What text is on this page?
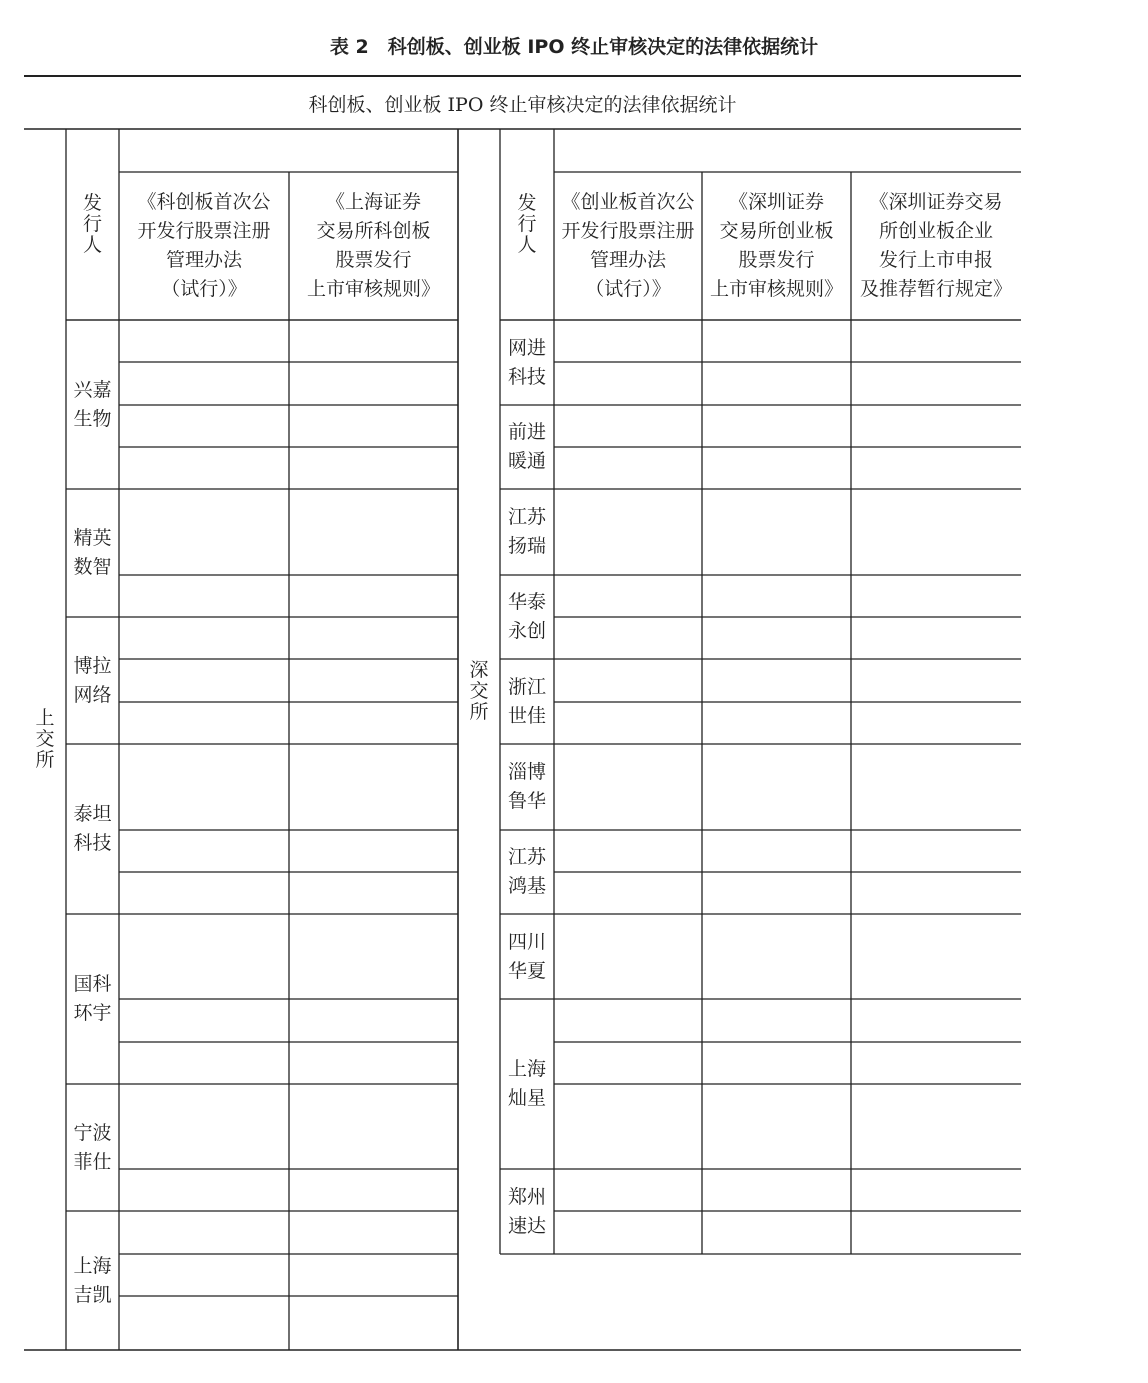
表 2　科创板、创业板 IPO 终止审核决定的法律依据统计
科创板、创业板 IPO 终止审核决定的法律依据统计
上
交
所
发
行
人
《科创板首次公
开发行股票注册
管理办法
（试行）》
《上海证券
交易所科创板
股票发行
上市审核规则》
兴嘉生物
精英数智
博拉网络
泰坦科技
国科环宇
宁波菲仕
上海吉凯
深
交
所
发
行
人
《创业板首次公
开发行股票注册
管理办法
（试行）》
《深圳证券
交易所创业板
股票发行
上市审核规则》
《深圳证券交易
所创业板企业
发行上市申报
及推荐暂行规定》
网进科技
前进暖通
江苏扬瑞
华泰永创
浙江世佳
淄博鲁华
江苏鸿基
四川华夏
上海灿星
郑州速达
